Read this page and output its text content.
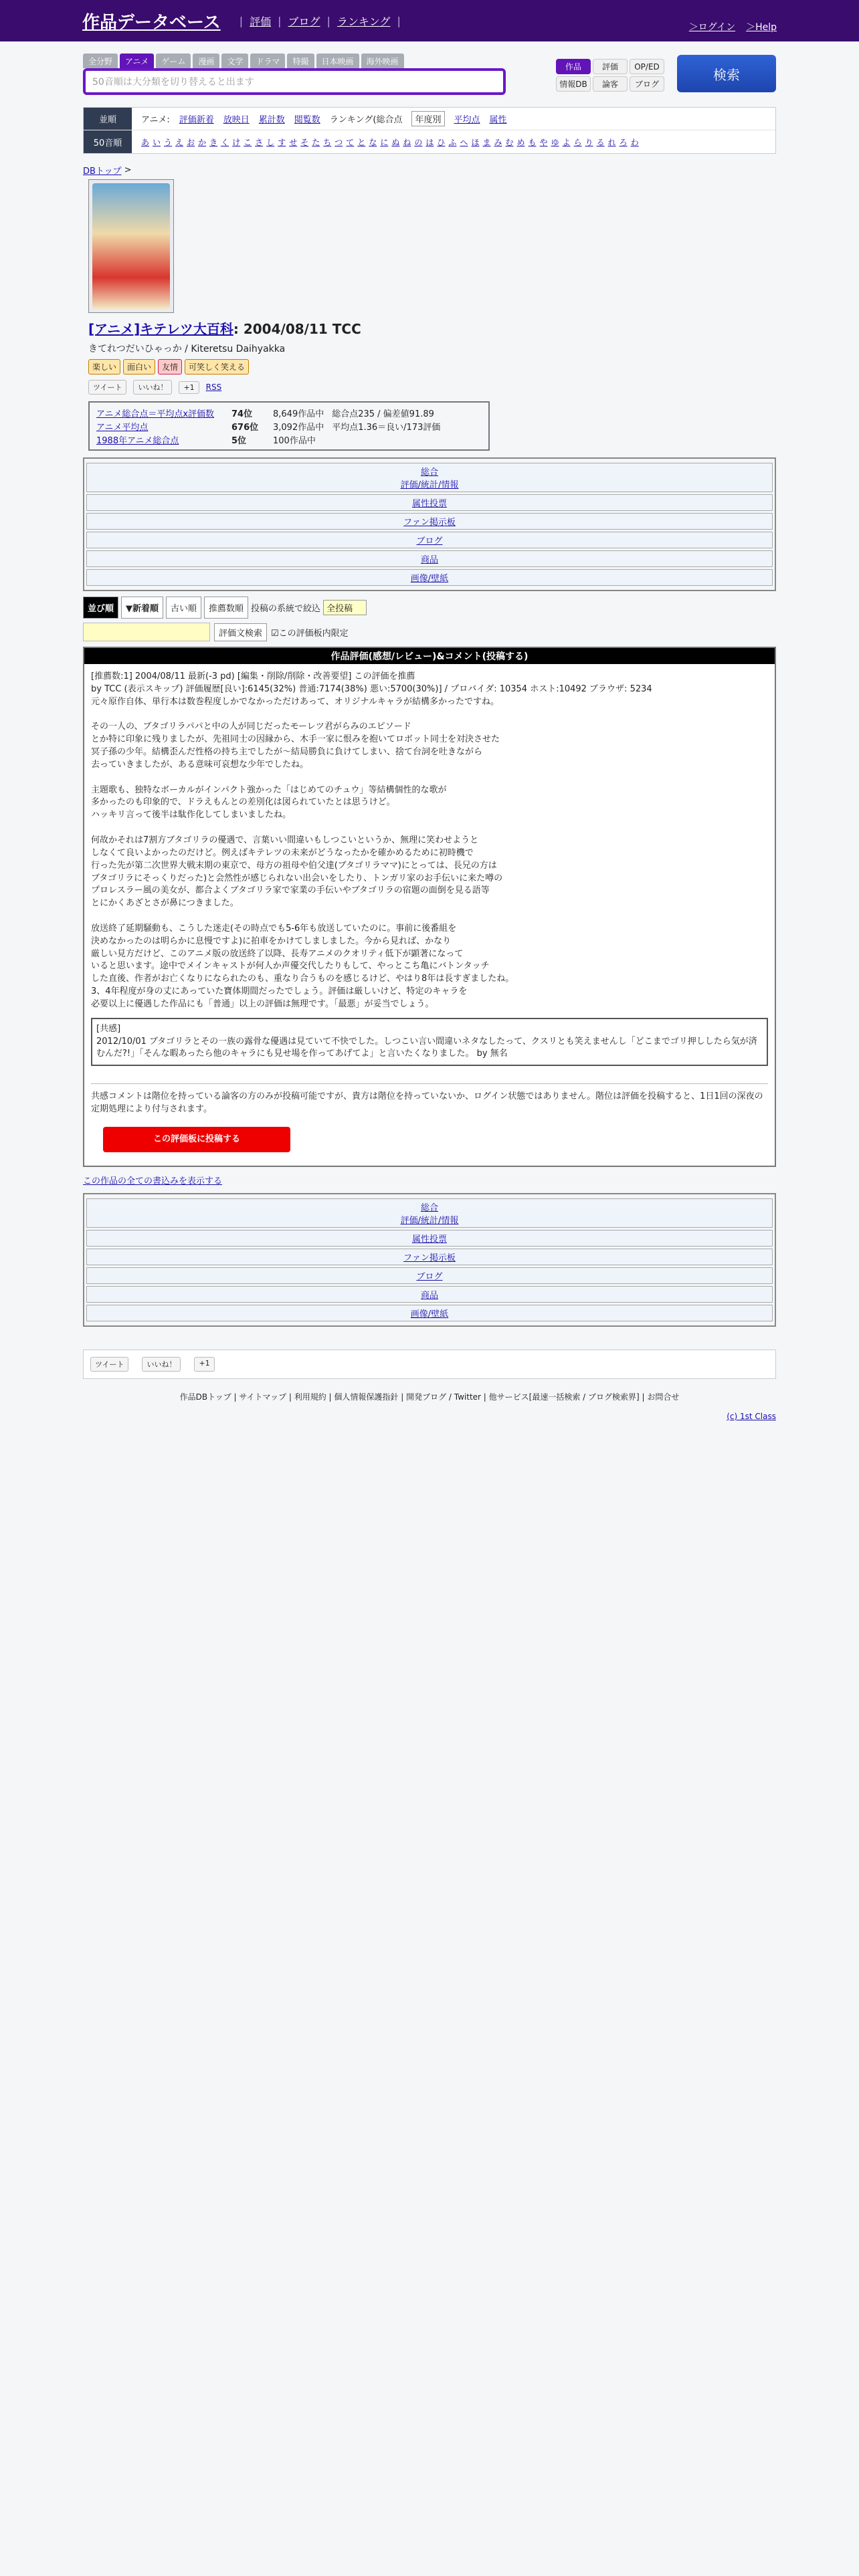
作品データベース | 評価 | ブログ | ランキング |
＞ログイン ＞Help
全分野	アニメ	ゲーム	漫画	文学	ドラマ	特撮	日本映画	海外映画
50音順は大分類を切り替えると出ます
作品	評価	OP/ED
情報DB	論客	ブログ
検索
並順	アニメ: 評価新着 放映日 累計数 閲覧数 ランキング(総合点	年度別	平均点 属性
50音順	あ い う え お か き く け こ さ し す せ そ た ち つ て と な に ぬ ね の は ひ ふ へ ほ ま み む め も や ゆ よ ら り る れ ろ わ
DBトップ >
[アニメ]キテレツ大百科: 2004/08/11 TCC
きてれつだいひゃっか / Kiteretsu Daihyakka
楽しい	面白い	友情	可笑しく笑える
ツイート	いいね！	+1	RSS
アニメ総合点＝平均点x評価数	74位	8,649作品中 総合点235 / 偏差値91.89
アニメ平均点	676位	3,092作品中 平均点1.36＝良い/173評価
1988年アニメ総合点	5位	100作品中
総合
評価/統計/情報
属性投票
ファン掲示板
ブログ
商品
画像/壁紙
並び順	▼新着順	古い順	推薦数順 投稿の系統で絞込 全投稿
評価文検索	☑この評価板内限定
作品評価(感想/レビュー)&コメント(投稿する)

[推薦数:1] 2004/08/11 最新(-3 pd) [編集・削除/削除・改善要望] この評価を推薦

by TCC (表示スキップ) 評価履歴[良い]:6145(32%) 普通:7174(38%) 悪い:5700(30%)] / プロバイダ: 10354 ホスト:10492 ブラウザ: 5234

元々原作自体、単行本は数巻程度しかでなかっただけあって、オリジナルキャラが結構多かったですね。

その一人の、ブタゴリラパパと中の人が同じだったモーレツ君がらみのエピソード
とか特に印象に残りましたが、先祖同士の因縁から、木手一家に恨みを抱いてロボット同士を対決させた
冥子孫の少年。結構歪んだ性格の持ち主でしたが〜結局勝負に負けてしまい、捨て台詞を吐きながら
去っていきましたが、ある意味可哀想な少年でしたね。

主題歌も、独特なボーカルがインパクト強かった「はじめてのチュウ」等結構個性的な歌が
多かったのも印象的で、ドラえもんとの差別化は図られていたとは思うけど。
ハッキリ言って後半は駄作化してしまいましたね。

何故かそれは7割方ブタゴリラの優遇で、言葉いい間違いもしつこいというか、無理に笑わせようと
しなくて良いよかったのだけど。例えばキテレツの未来がどうなったかを確かめるために初時機で
行った先が第二次世界大戦末期の東京で、母方の祖母や伯父達(ブタゴリラママ)にとっては、長兄の方は
ブタゴリラにそっくりだった)と会然性が感じられない出会いをしたり、トンガリ家のお手伝いに来た噂の
プロレスラー風の美女が、都合よくブタゴリラ家で家業の手伝いやブタゴリラの宿題の面倒を見る語等
とにかくあざとさが鼻につきました。

放送終了延期騒動も、こうした迷走(その時点でも5-6年も放送していたのに。事前に後番組を
決めなかったのは明らかに息慢ですよ)に拍車をかけてしましました。今から見れば、かなり
厳しい見方だけど、このアニメ版の放送終了以降、長寿アニメのクオリティ低下が顕著になって
いると思います。途中でメインキャストが何人か声優交代したりもして、やっとこち亀にバトンタッチ
した直後、作者がお亡くなりになられたのも、重なり合うものを感じるけど、やはり8年は長すぎましたね。
3、4年程度が身の丈にあっていた寶体期間だったでしょう。評価は厳しいけど、特定のキャラを
必要以上に優遇した作品にも「普通」以上の評価は無理です。「最悪」が妥当でしょう。

[共感]

2012/10/01 ブタゴリラとその一族の露骨な優遇は見ていて不快でした。しつこい言い間違いネタなしたって、クスリとも笑えませんし「どこまでゴリ押ししたら気が済むんだ?!」「そんな暇あったら他のキャラにも見せ場を作ってあげてよ」と言いたくなりました。 by 無名

共感コメントは階位を持っている論客の方のみが投稿可能ですが、貴方は階位を持っていないか、ログイン状態ではありません。階位は評価を投稿すると、1日1回の深夜の定期処理により付与されます。
この評価板に投稿する
この作品の全ての書込みを表示する
総合
評価/統計/情報
属性投票
ファン掲示板
ブログ
商品
画像/壁紙
ツイート	いいね！	+1
作品DBトップ | サイトマップ | 利用規約 | 個人情報保護指針 | 開発ブログ / Twitter | 他サービス[最速一括検索 / ブログ検索界] | お問合せ
(c) 1st Class
